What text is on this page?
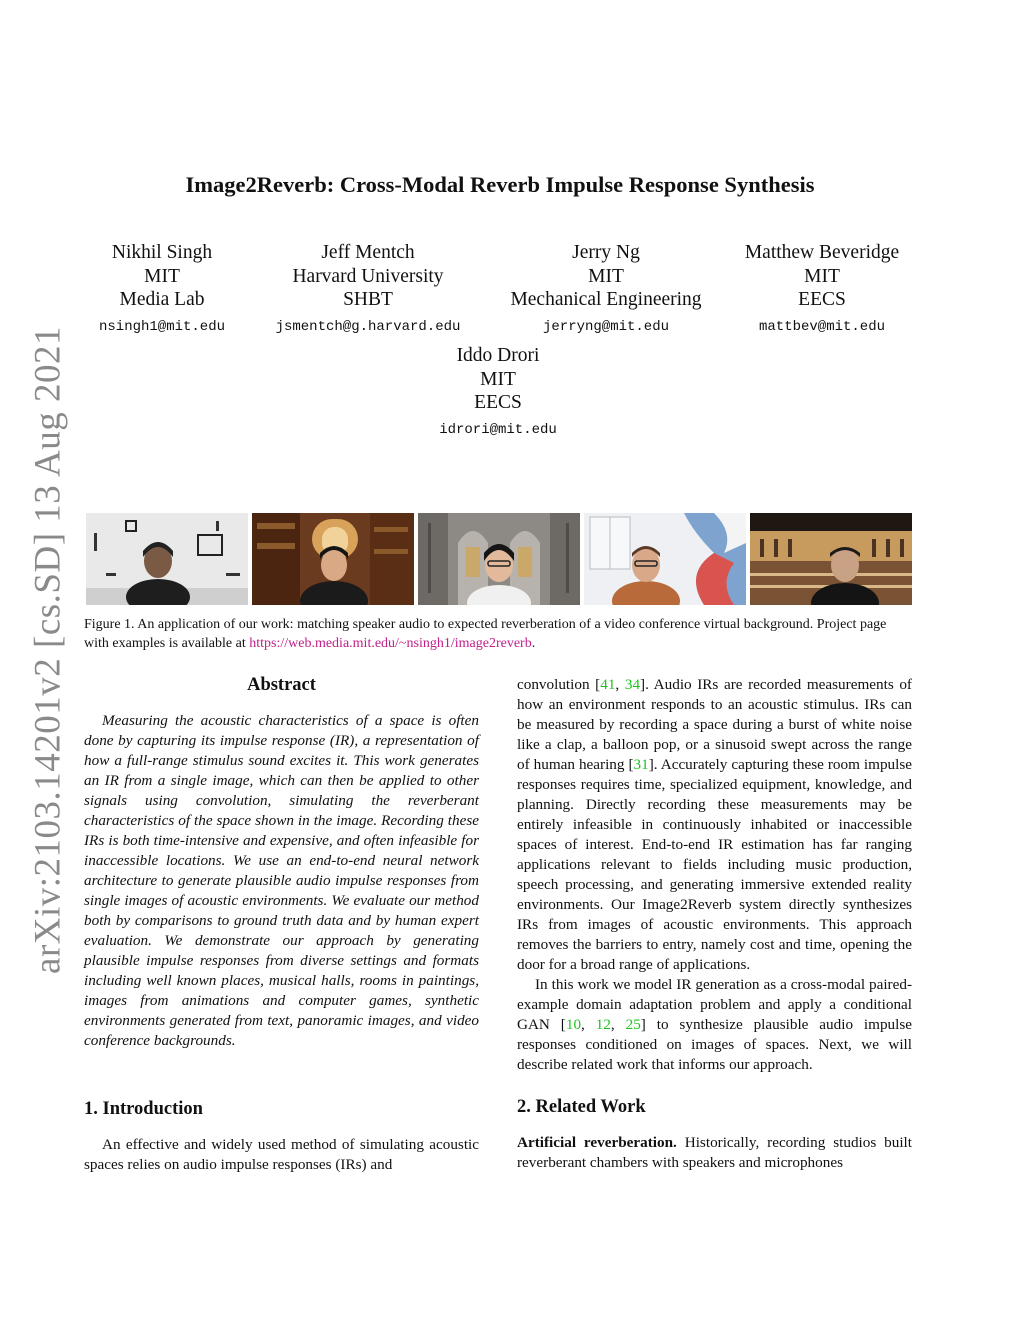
arXiv:2103.14201v2 [cs.SD] 13 Aug 2021
Image2Reverb: Cross-Modal Reverb Impulse Response Synthesis
Nikhil Singh
MIT
Media Lab
nsingh1@mit.edu
Jeff Mentch
Harvard University
SHBT
jsmentch@g.harvard.edu
Jerry Ng
MIT
Mechanical Engineering
jerryng@mit.edu
Matthew Beveridge
MIT
EECS
mattbev@mit.edu
Iddo Drori
MIT
EECS
idrori@mit.edu
Figure 1. An application of our work: matching speaker audio to expected reverberation of a video conference virtual background. Project page with examples is available at https://web.media.mit.edu/~nsingh1/image2reverb.
Abstract

Measuring the acoustic characteristics of a space is often done by capturing its impulse response (IR), a representation of how a full-range stimulus sound excites it. This work generates an IR from a single image, which can then be applied to other signals using convolution, simulating the reverberant characteristics of the space shown in the image. Recording these IRs is both time-intensive and expensive, and often infeasible for inaccessible locations. We use an end-to-end neural network architecture to generate plausible audio impulse responses from single images of acoustic environments. We evaluate our method both by comparisons to ground truth data and by human expert evaluation. We demonstrate our approach by generating plausible impulse responses from diverse settings and formats including well known places, musical halls, rooms in paintings, images from animations and computer games, synthetic environments generated from text, panoramic images, and video conference backgrounds.

1. Introduction

An effective and widely used method of simulating acoustic spaces relies on audio impulse responses (IRs) and

convolution [41, 34]. Audio IRs are recorded measurements of how an environment responds to an acoustic stimulus. IRs can be measured by recording a space during a burst of white noise like a clap, a balloon pop, or a sinusoid swept across the range of human hearing [31]. Accurately capturing these room impulse responses requires time, specialized equipment, knowledge, and planning. Directly recording these measurements may be entirely infeasible in continuously inhabited or inaccessible spaces of interest. End-to-end IR estimation has far ranging applications relevant to fields including music production, speech processing, and generating immersive extended reality environments. Our Image2Reverb system directly synthesizes IRs from images of acoustic environments. This approach removes the barriers to entry, namely cost and time, opening the door for a broad range of applications.

In this work we model IR generation as a cross-modal paired-example domain adaptation problem and apply a conditional GAN [10, 12, 25] to synthesize plausible audio impulse responses conditioned on images of spaces. Next, we will describe related work that informs our approach.

2. Related Work

Artificial reverberation. Historically, recording studios built reverberant chambers with speakers and microphones
